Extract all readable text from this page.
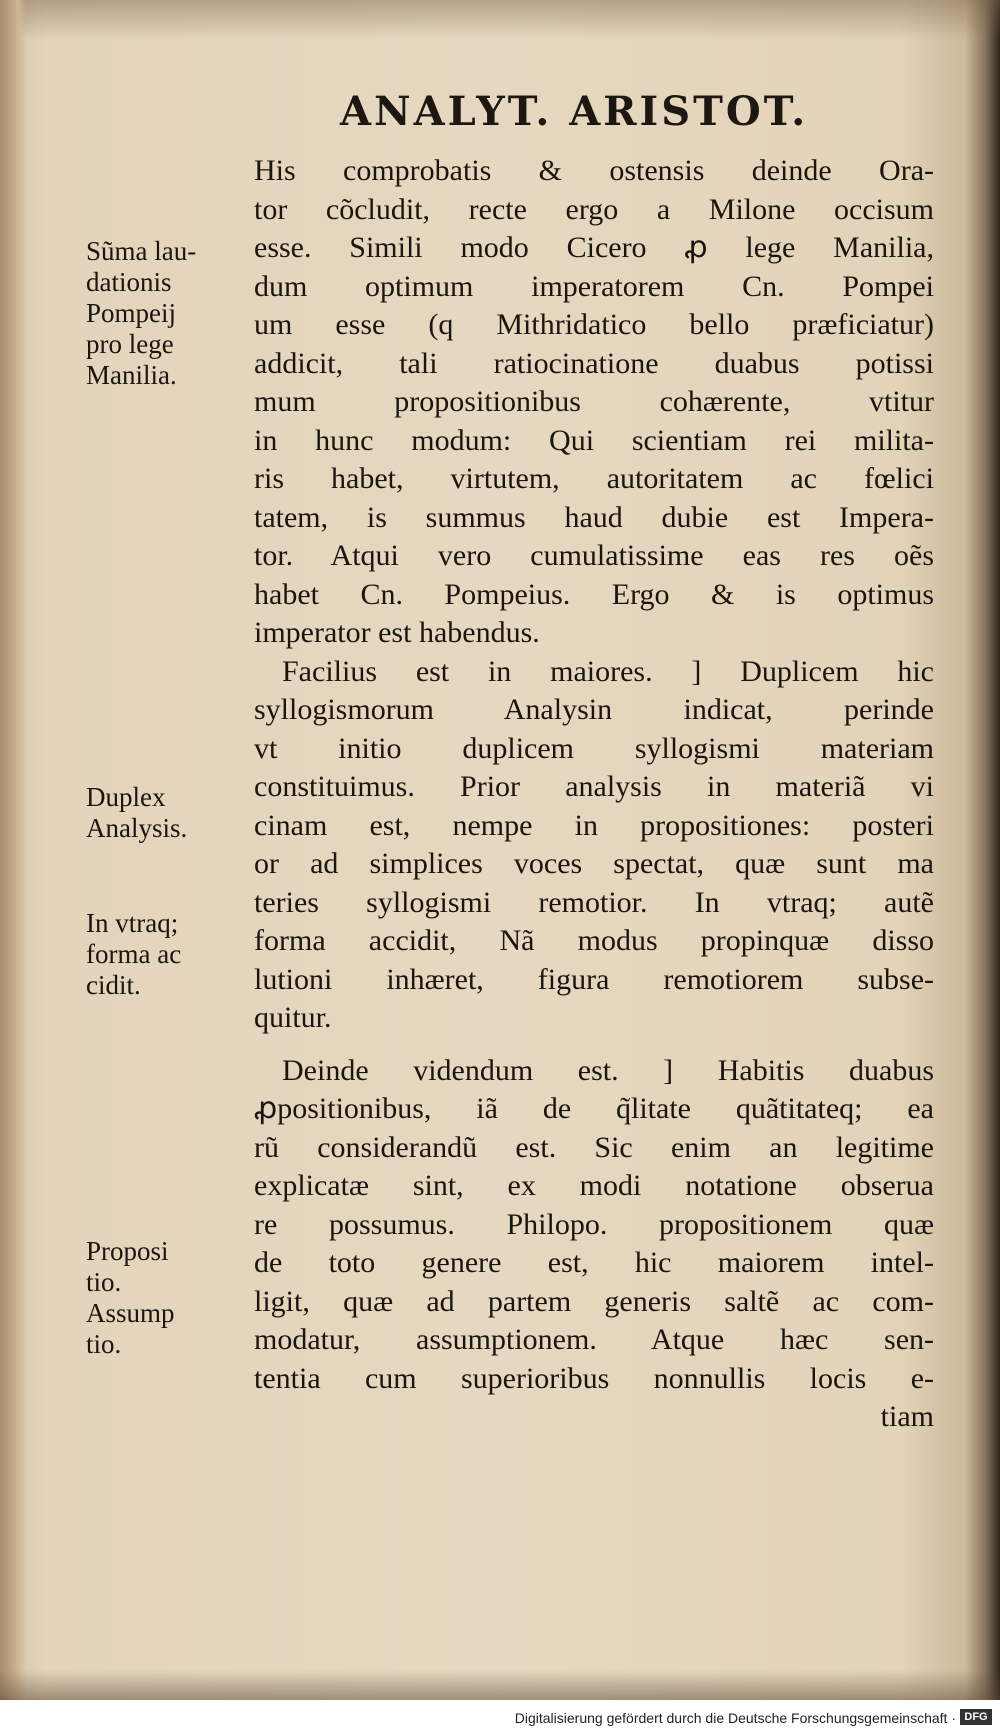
ANALYT. ARISTOT.
His comprobatis & ostensis deinde Ora-
tor cõcludit, recte ergo a Milone occisum
esse. Simili modo Cicero ꝓ lege Manilia,
dum optimum imperatorem Cn. Pompei
um esse (q Mithridatico bello præficiatur)
addicit, tali ratiocinatione duabus potissi
mum propositionibus cohærente, vtitur
in hunc modum: Qui scientiam rei milita-
ris habet, virtutem, autoritatem ac fœlici
tatem, is summus haud dubie est Impera-
tor. Atqui vero cumulatissime eas res oẽs
habet Cn. Pompeius. Ergo & is optimus
imperator est habendus.
Facilius est in maiores. ] Duplicem hic
syllogismorum Analysin indicat, perinde
vt initio duplicem syllogismi materiam
constituimus. Prior analysis in materiã vi
cinam est, nempe in propositiones: posteri
or ad simplices voces spectat, quæ sunt ma
teries syllogismi remotior. In vtraq; autẽ
forma accidit, Nã modus propinquæ disso
lutioni inhæret, figura remotiorem subse-
quitur.
Deinde videndum est. ] Habitis duabus
ꝓpositionibus, iã de q̃litate quãtitateq; ea
rũ considerandũ est. Sic enim an legitime
explicatæ sint, ex modi notatione obserua
re possumus. Philopo. propositionem quæ
de toto genere est, hic maiorem intel-
ligit, quæ ad partem generis saltẽ ac com-
modatur, assumptionem. Atque hæc sen-
tentia cum superioribus nonnullis locis e-
tiam
Sũma lau-
dationis
Pompeij
pro lege
Manilia.
Duplex
Analysis.
In vtraq;
forma ac
cidit.
Proposi
tio.
Assump
tio.
Digitalisierung gefördert durch die Deutsche Forschungsgemeinschaft · DFG
